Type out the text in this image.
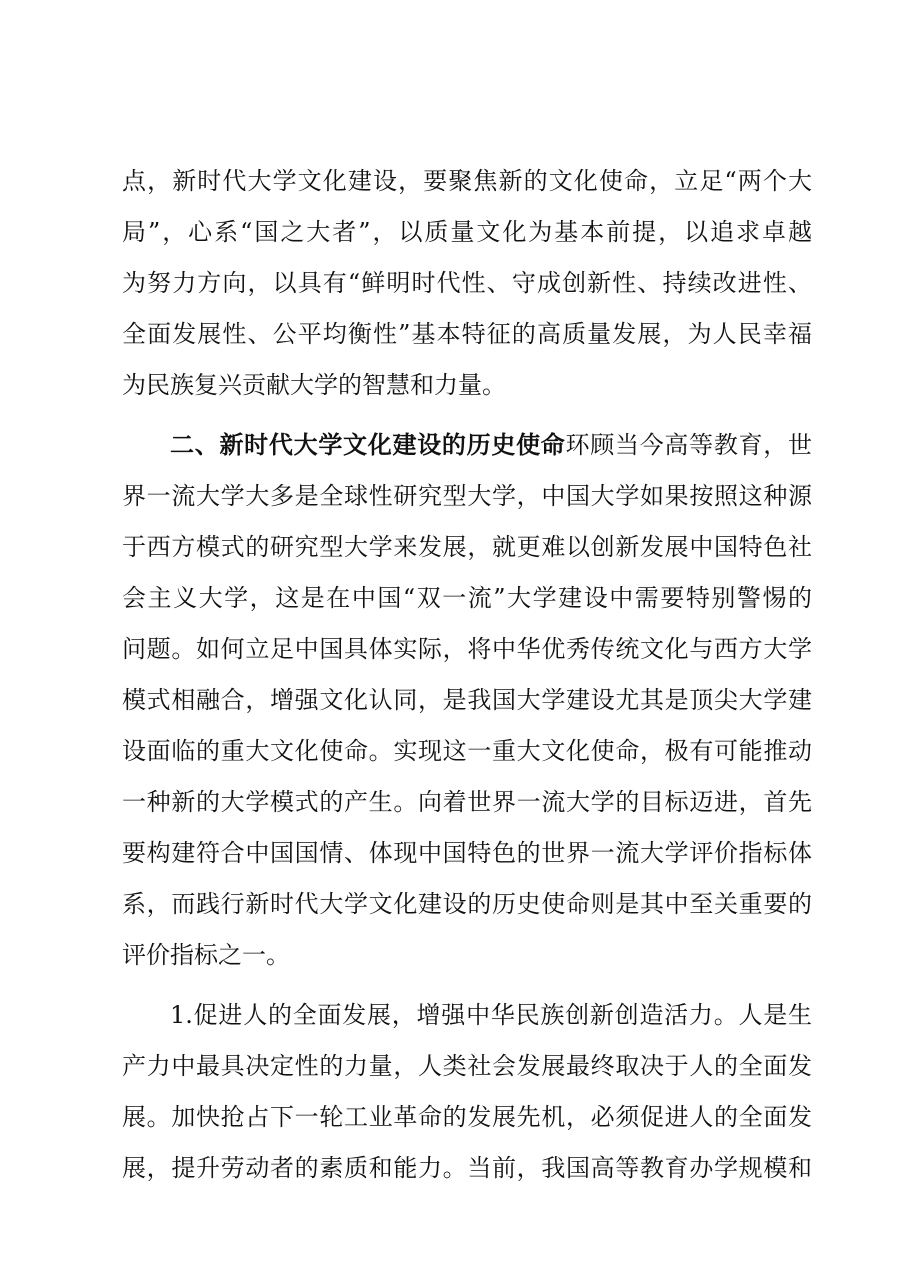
点，新时代大学文化建设，要聚焦新的文化使命，立足“两个大
局”，心系“国之大者”，以质量文化为基本前提，以追求卓越
为努力方向，以具有“鲜明时代性、守成创新性、持续改进性、
全面发展性、公平均衡性”基本特征的高质量发展，为人民幸福
为民族复兴贡献大学的智慧和力量。
二、新时代大学文化建设的历史使命环顾当今高等教育，世
界一流大学大多是全球性研究型大学，中国大学如果按照这种源
于西方模式的研究型大学来发展，就更难以创新发展中国特色社
会主义大学，这是在中国“双一流”大学建设中需要特别警惕的
问题。如何立足中国具体实际，将中华优秀传统文化与西方大学
模式相融合，增强文化认同，是我国大学建设尤其是顶尖大学建
设面临的重大文化使命。实现这一重大文化使命，极有可能推动
一种新的大学模式的产生。向着世界一流大学的目标迈进，首先
要构建符合中国国情、体现中国特色的世界一流大学评价指标体
系，而践行新时代大学文化建设的历史使命则是其中至关重要的
评价指标之一。
1.促进人的全面发展，增强中华民族创新创造活力。人是生
产力中最具决定性的力量，人类社会发展最终取决于人的全面发
展。加快抢占下一轮工业革命的发展先机，必须促进人的全面发
展，提升劳动者的素质和能力。当前，我国高等教育办学规模和
